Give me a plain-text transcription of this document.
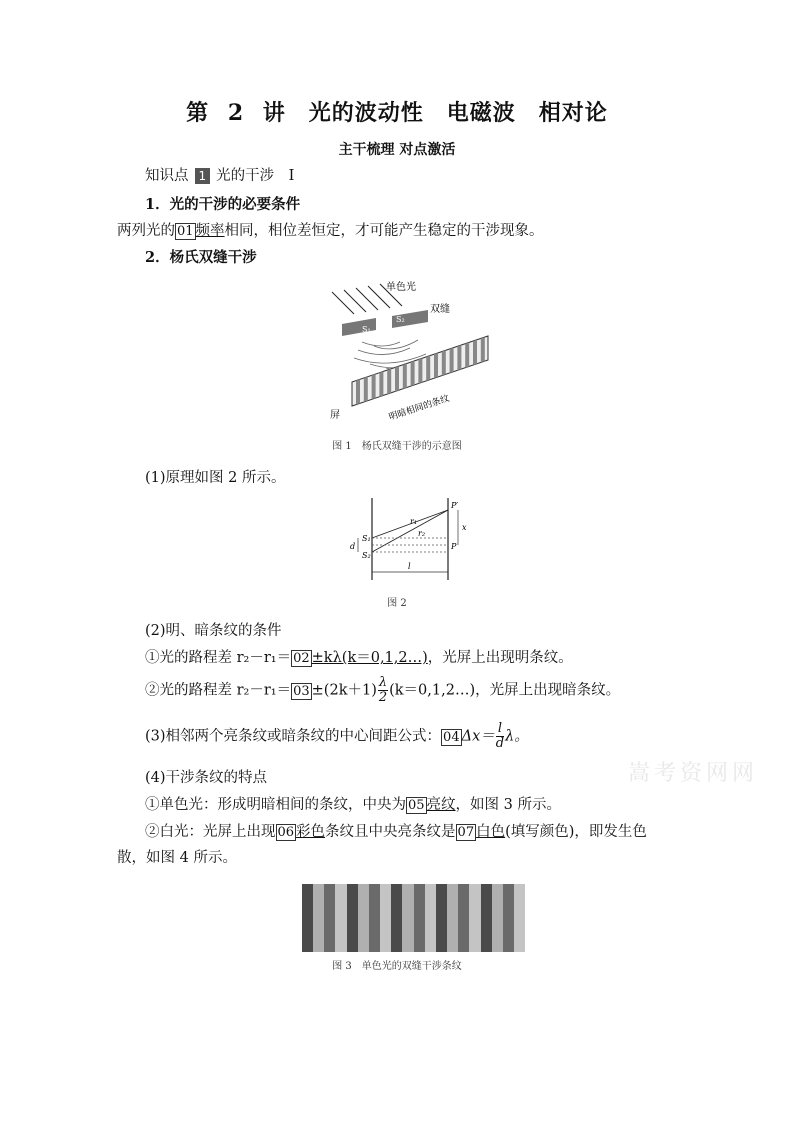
第 2 讲　光的波动性　电磁波　相对论
主干梳理 对点激活
知识点 1 光的干涉  Ⅰ
1．光的干涉的必要条件
两列光的 01 频率相同，相位差恒定，才可能产生稳定的干涉现象。
2．杨氏双缝干涉
屏	明暗相间的条纹
单色光
双缝
S₁
S₂
图 1　杨氏双缝干涉的示意图
(1)原理如图 2 所示。
S₁
S₂
d
l
r₁
r₂
P′
P
x
图 2
(2)明、暗条纹的条件
①光的路程差 r₂－r₁＝ 02 ±kλ(k＝0,1,2…)，光屏上出现明条纹。
②光的路程差 $r_2-r_1= 03 \pm(2k+1) \frac{\lambda}{2}$ (k＝0,1,2…)，光屏上出现暗条纹。
(3)相邻两个亮条纹或暗条纹的中心间距公式： 04 $\Delta x= \frac{l}{d}$ λ。
(4)干涉条纹的特点
①单色光：形成明暗相间的条纹，中央为 05 亮纹，如图 3 所示。
②白光：光屏上出现 06 彩色条纹且中央亮条纹是 07 白色(填写颜色)，即发生色
散，如图 4 所示。
图 3　单色光的双缝干涉条纹
嵩考资网网
